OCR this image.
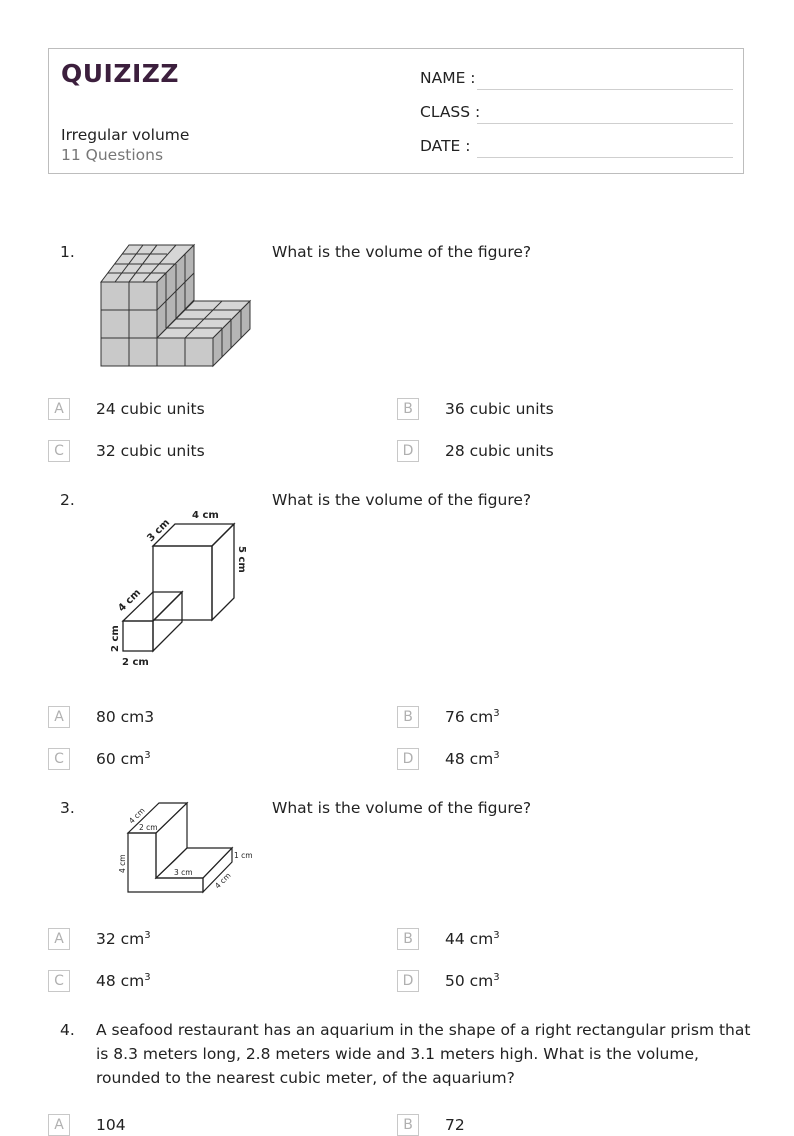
QUIZIZZ
Irregular volume
11 Questions
NAME :
CLASS :
DATE :
1.	What is the volume of the figure?
A	24 cubic units	B	36 cubic units
C	32 cubic units	D	28 cubic units
2.	What is the volume of the figure?
4 cm
3 cm
5 cm
4 cm
2 cm
2 cm
A	80 cm3	B	76 $cm^3$
C	60 $cm^3$	D	48 $cm^3$
3.	What is the volume of the figure?
4 cm
2 cm
4 cm	3 cm
1 cm
4 cm
A	32 $cm^3$	B	44 $cm^3$
C	48 $cm^3$	D	50 $cm^3$
4. A seafood restaurant has an aquarium in the shape of a right rectangular prism that is 8.3 meters long, 2.8 meters wide and 3.1 meters high. What is the volume, rounded to the nearest cubic meter, of the aquarium?
A	104	B	72
